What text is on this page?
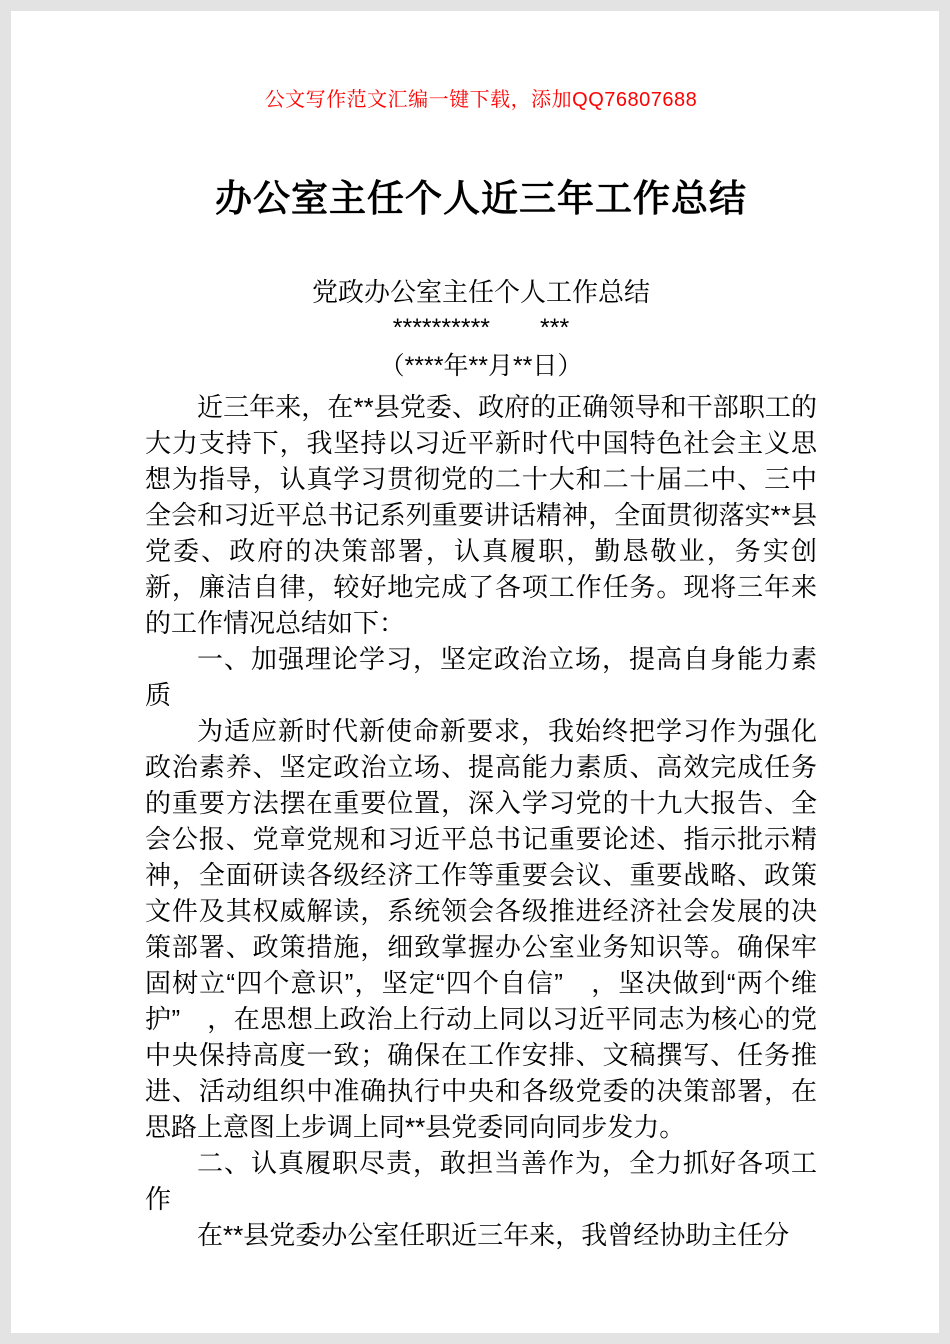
公文写作范文汇编一键下载，添加QQ76807688
办公室主任个人近三年工作总结
党政办公室主任个人工作总结
**********　　***
（****年**月**日）

近三年来，在**县党委、政府的正确领导和干部职工的大力支持下，我坚持以习近平新时代中国特色社会主义思想为指导，认真学习贯彻党的二十大和二十届二中、三中全会和习近平总书记系列重要讲话精神，全面贯彻落实**县党委、政府的决策部署，认真履职，勤恳敬业，务实创新，廉洁自律，较好地完成了各项工作任务。现将三年来的工作情况总结如下：

一、加强理论学习，坚定政治立场，提高自身能力素质

为适应新时代新使命新要求，我始终把学习作为强化政治素养、坚定政治立场、提高能力素质、高效完成任务的重要方法摆在重要位置，深入学习党的十九大报告、全会公报、党章党规和习近平总书记重要论述、指示批示精神，全面研读各级经济工作等重要会议、重要战略、政策文件及其权威解读，系统领会各级推进经济社会发展的决策部署、政策措施，细致掌握办公室业务知识等。确保牢固树立“四个意识”，坚定“四个自信”　，坚决做到“两个维护”　，在思想上政治上行动上同以习近平同志为核心的党中央保持高度一致；确保在工作安排、文稿撰写、任务推进、活动组织中准确执行中央和各级党委的决策部署，在思路上意图上步调上同**县党委同向同步发力。

二、认真履职尽责，敢担当善作为，全力抓好各项工作

在**县党委办公室任职近三年来，我曾经协助主任分
